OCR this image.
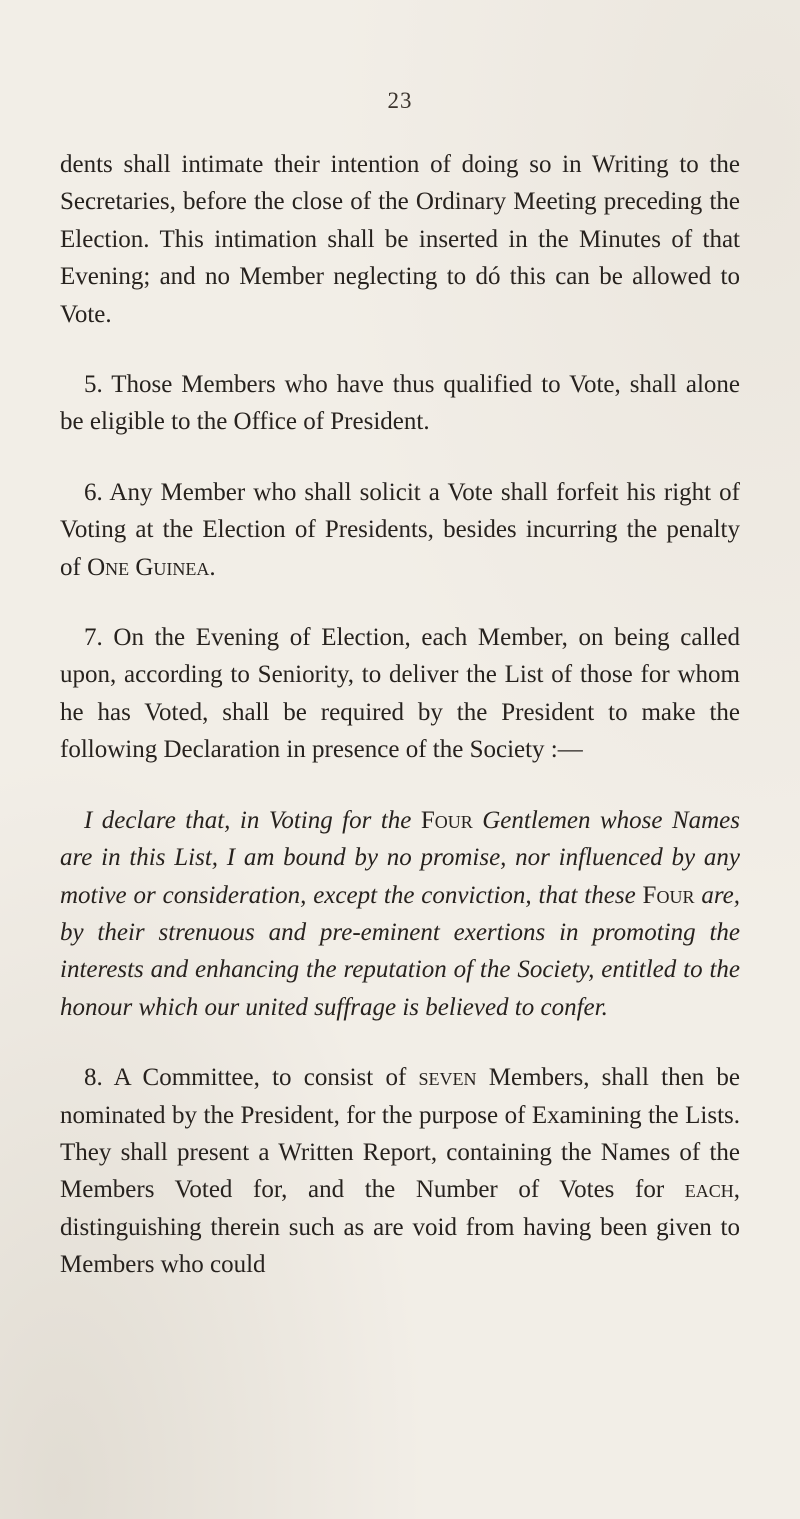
23

dents shall intimate their intention of doing so in Writing to the Secretaries, before the close of the Ordinary Meeting preceding the Election. This intimation shall be inserted in the Minutes of that Evening; and no Member neglecting to dó this can be allowed to Vote.

5. Those Members who have thus qualified to Vote, shall alone be eligible to the Office of President.

6. Any Member who shall solicit a Vote shall forfeit his right of Voting at the Election of Presidents, besides incurring the penalty of One Guinea.

7. On the Evening of Election, each Member, on being called upon, according to Seniority, to deliver the List of those for whom he has Voted, shall be required by the President to make the following Declaration in presence of the Society :—

I declare that, in Voting for the Four Gentlemen whose Names are in this List, I am bound by no promise, nor influenced by any motive or consideration, except the conviction, that these Four are, by their strenuous and pre-eminent exertions in promoting the interests and enhancing the reputation of the Society, entitled to the honour which our united suffrage is believed to confer.

8. A Committee, to consist of seven Members, shall then be nominated by the President, for the purpose of Examining the Lists. They shall present a Written Report, containing the Names of the Members Voted for, and the Number of Votes for each, distinguishing therein such as are void from having been given to Members who could
